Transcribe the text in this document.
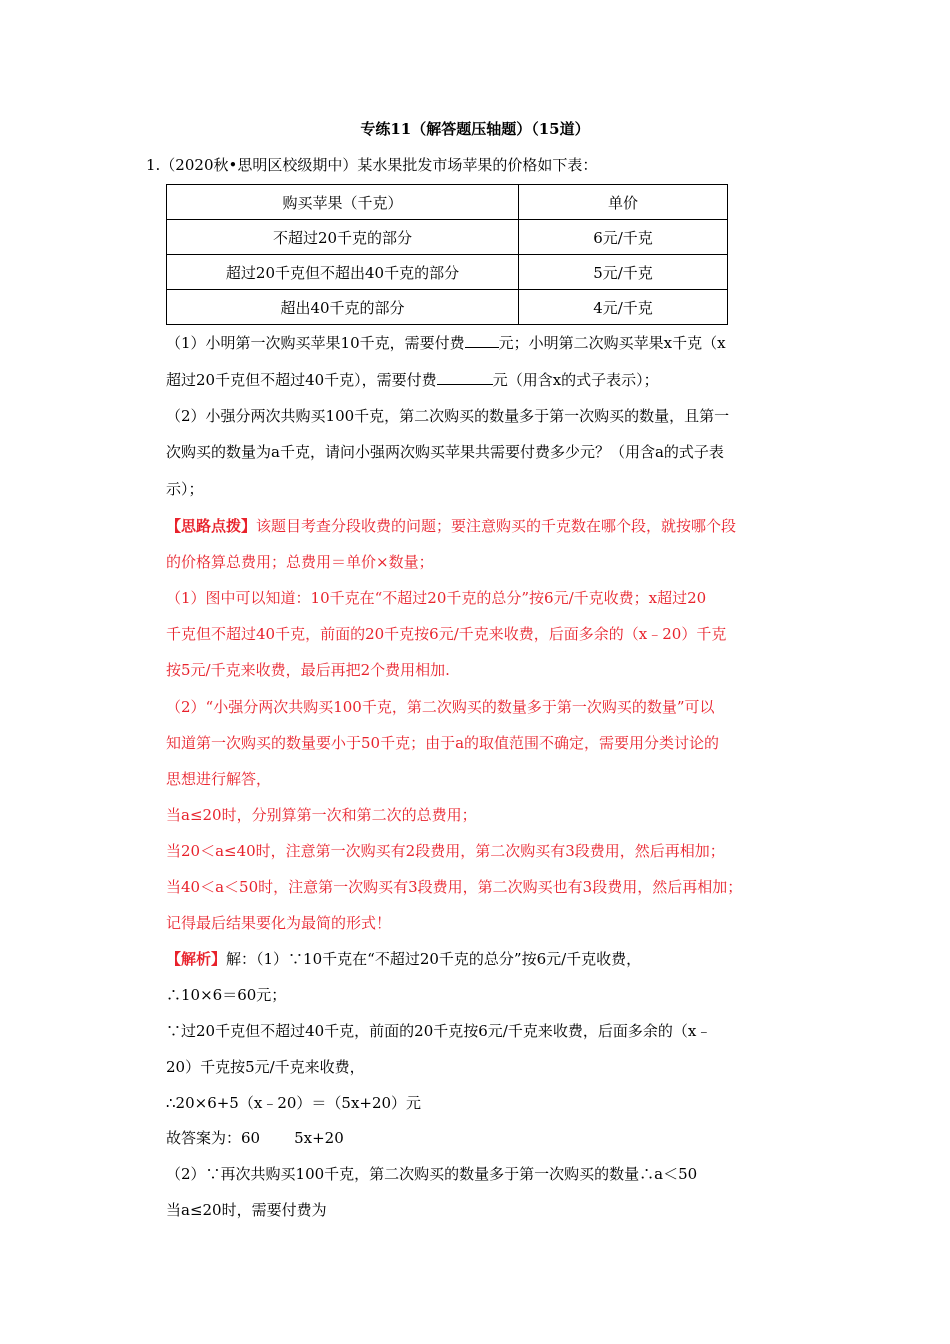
专练11（解答题压轴题）（15道）
1.（2020秋•思明区校级期中）某水果批发市场苹果的价格如下表：
购买苹果（千克）	单价
不超过20千克的部分	6元/千克
超过20千克但不超出40千克的部分	5元/千克
超出40千克的部分	4元/千克
（1）小明第一次购买苹果10千克，需要付费 元；小明第二次购买苹果x千克（x
超过20千克但不超过40千克），需要付费	元（用含x的式子表示）；
（2）小强分两次共购买100千克，第二次购买的数量多于第一次购买的数量，且第一
次购买的数量为a千克，请问小强两次购买苹果共需要付费多少元？（用含a的式子表
示）；
【思路点拨】该题目考查分段收费的问题；要注意购买的千克数在哪个段，就按哪个段
的价格算总费用；总费用＝单价×数量；
（1）图中可以知道：10千克在“不超过20千克的总分”按6元/千克收费；x超过20
千克但不超过40千克，前面的20千克按6元/千克来收费，后面多余的（x﹣20）千克
按5元/千克来收费，最后再把2个费用相加.
（2）“小强分两次共购买100千克，第二次购买的数量多于第一次购买的数量”可以
知道第一次购买的数量要小于50千克；由于a的取值范围不确定，需要用分类讨论的
思想进行解答，
当a≤20时，分别算第一次和第二次的总费用；
当20＜a≤40时，注意第一次购买有2段费用，第二次购买有3段费用，然后再相加；
当40＜a＜50时，注意第一次购买有3段费用，第二次购买也有3段费用，然后再相加；
记得最后结果要化为最简的形式！
【解析】解：（1）∵10千克在“不超过20千克的总分”按6元/千克收费，
∴10×6＝60元；
∵过20千克但不超过40千克，前面的20千克按6元/千克来收费，后面多余的（x﹣
20）千克按5元/千克来收费，
∴20×6+5（x﹣20）＝（5x+20）元
故答案为：60 5x+20
（2）∵再次共购买100千克，第二次购买的数量多于第一次购买的数量∴a＜50
当a≤20时，需要付费为
